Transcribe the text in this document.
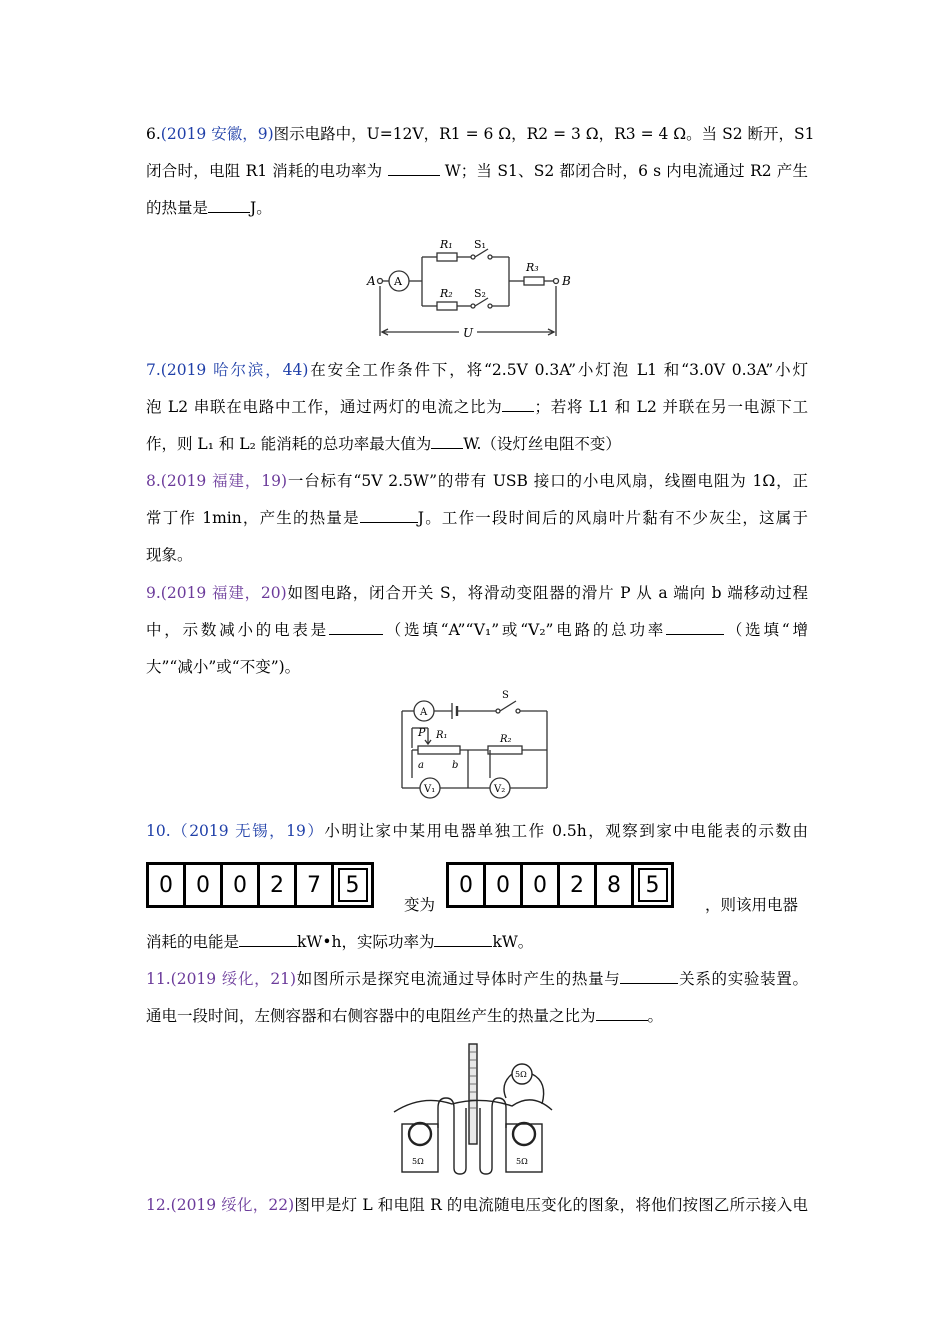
6.(2019 安徽，9)图示电路中，U=12V，R1 = 6 Ω，R2 = 3 Ω，R3 = 4 Ω。当 S2 断开，S1
闭合时，电阻 R1 消耗的电功率为	W；当 S1、S2 都闭合时，6 s 内电流通过 R2 产生
的热量是	J。
R₁ S₁
R₂ S₂
R₃
A A	B
U
7.(2019 哈尔滨，44)在安全工作条件下，将“2.5V 0.3A”小灯泡 L1 和“3.0V 0.3A”小灯
泡 L2 串联在电路中工作，通过两灯的电流之比为 ；若将 L1 和 L2 并联在另一电源下工
作，则 L₁ 和 L₂ 能消耗的总功率最大值为 W.（设灯丝电阻不变）
8.(2019 福建，19)一台标有“5V 2.5W”的带有 USB 接口的小电风扇，线圈电阻为 1Ω，正
常丁作 1min，产生的热量是	J。工作一段时间后的风扇叶片黏有不少灰尘，这属于
现象。
9.(2019 福建，20)如图电路，闭合开关 S，将滑动变阻器的滑片 P 从 a 端向 b 端移动过程
中，示数减小的电表是	（选填“A”“V₁”或“V₂”电路的总功率	（选填“增
大”“减小”或“不变”)。
A
S
P R₁	R₂
a	b
V₁	V₂
10.（2019 无锡，19）小明让家中某用电器单独工作 0.5h，观察到家中电能表的示数由
0	0	0	2	7	5
变为
0	0	0	2	8	5
，则该用电器
消耗的电能是	kW•h，实际功率为	kW。
11.(2019 绥化，21)如图所示是探究电流通过导体时产生的热量与	关系的实验装置。
通电一段时间，左侧容器和右侧容器中的电阻丝产生的热量之比为	。
5Ω	5Ω
5Ω
12.(2019 绥化，22)图甲是灯 L 和电阻 R 的电流随电压变化的图象，将他们按图乙所示接入电
